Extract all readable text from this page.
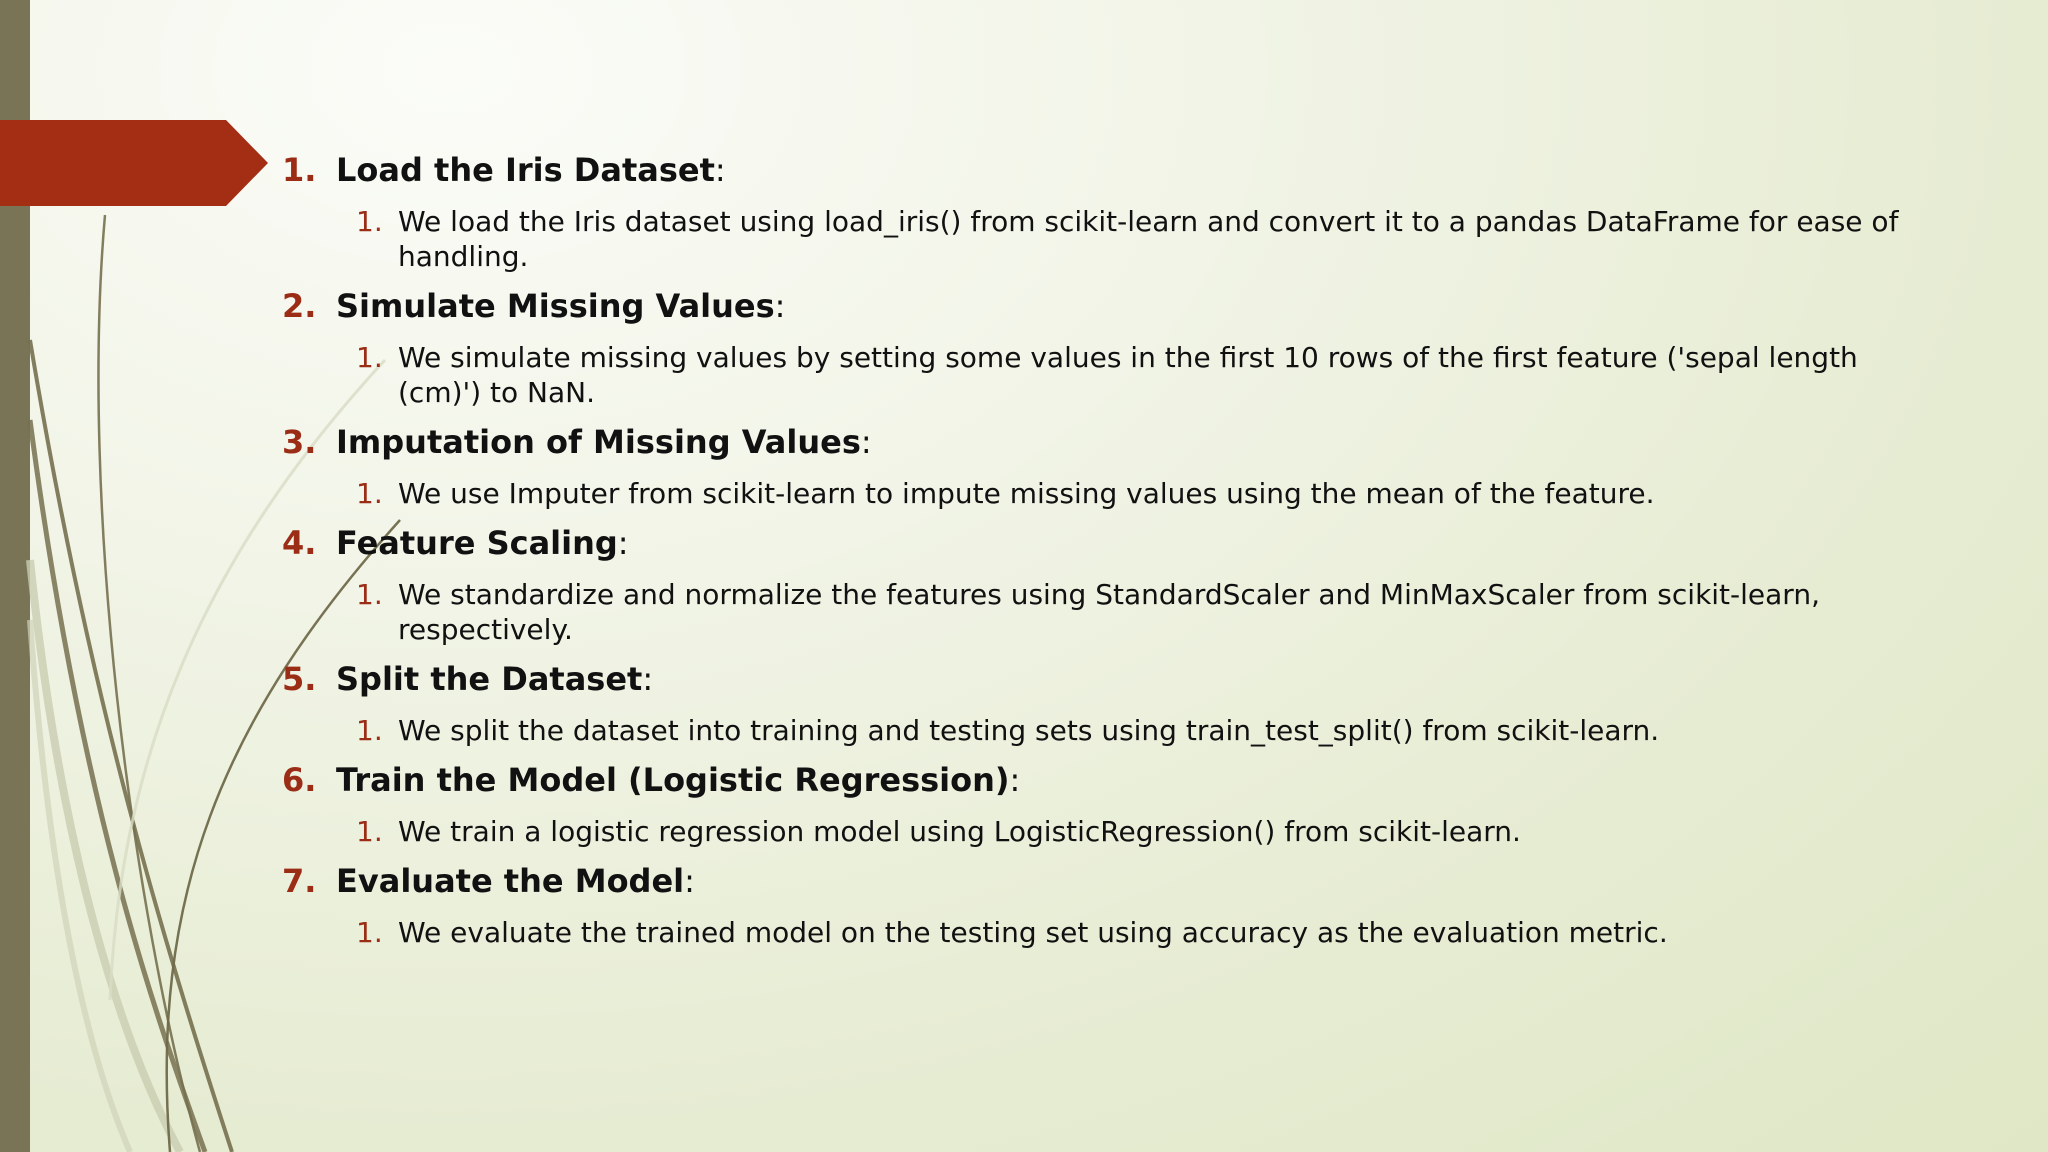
1. Load the Iris Dataset:
1. We load the Iris dataset using load_iris() from scikit-learn and convert it to a pandas DataFrame for ease of handling.
2. Simulate Missing Values:
1. We simulate missing values by setting some values in the first 10 rows of the first feature ('sepal length (cm)') to NaN.
3. Imputation of Missing Values:
1. We use Imputer from scikit-learn to impute missing values using the mean of the feature.
4. Feature Scaling:
1. We standardize and normalize the features using StandardScaler and MinMaxScaler from scikit-learn, respectively.
5. Split the Dataset:
1. We split the dataset into training and testing sets using train_test_split() from scikit-learn.
6. Train the Model (Logistic Regression):
1. We train a logistic regression model using LogisticRegression() from scikit-learn.
7. Evaluate the Model:
1. We evaluate the trained model on the testing set using accuracy as the evaluation metric.
